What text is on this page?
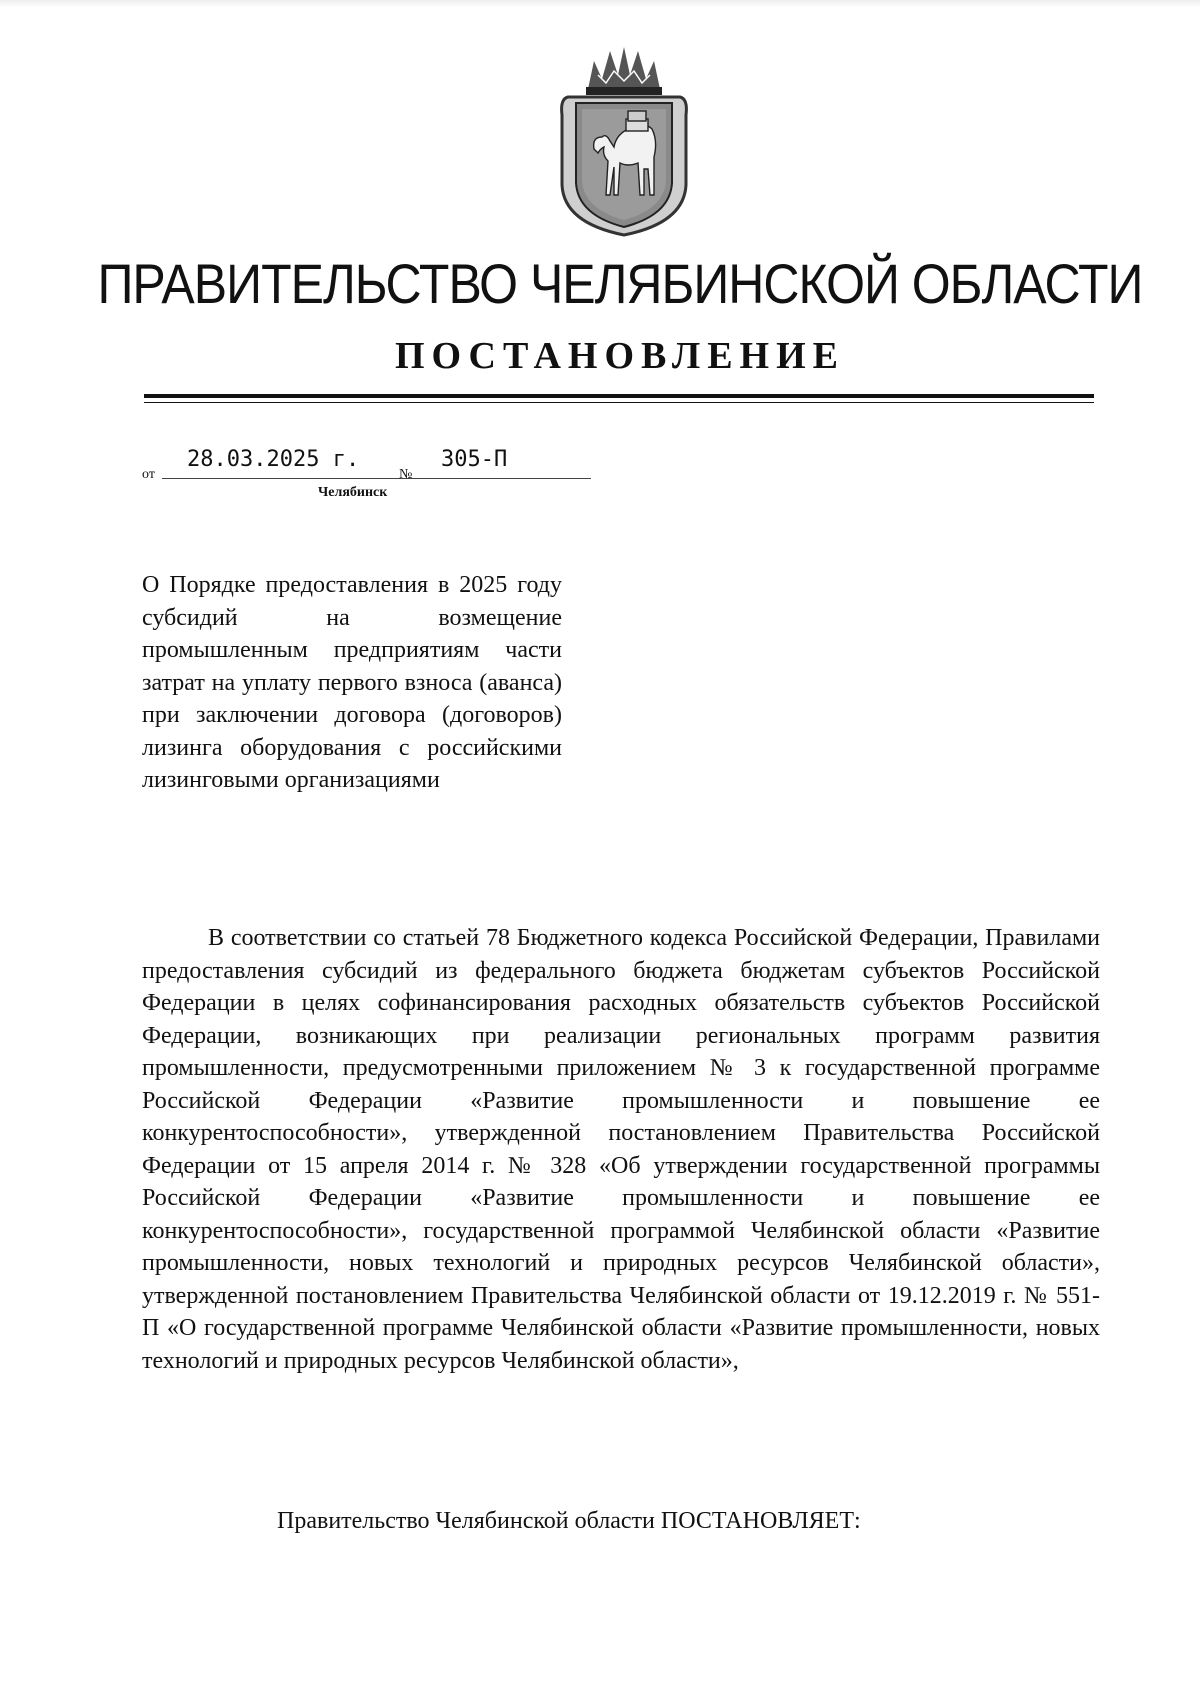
ПРАВИТЕЛЬСТВО ЧЕЛЯБИНСКОЙ ОБЛАСТИ
ПОСТАНОВЛЕНИЕ
от
28.03.2025 г.
№
305-П
Челябинск

О Порядке предоставления в 2025 году субсидий на возмещение промышленным предприятиям части затрат на уплату первого взноса (аванса) при заключении договора (договоров) лизинга оборудования с российскими лизинговыми организациями

В соответствии со статьей 78 Бюджетного кодекса Российской Федерации, Правилами предоставления субсидий из федерального бюджета бюджетам субъектов Российской Федерации в целях софинансирования расходных обязательств субъектов Российской Федерации, возникающих при реализации региональных программ развития промышленности, предусмотренными приложением № 3 к государственной программе Российской Федерации «Развитие промышленности и повышение ее конкурентоспособности», утвержденной постановлением Правительства Российской Федерации от 15 апреля 2014 г. № 328 «Об утверждении государственной программы Российской Федерации «Развитие промышленности и повышение ее конкурентоспособности», государственной программой Челябинской области «Развитие промышленности, новых технологий и природных ресурсов Челябинской области», утвержденной постановлением Правительства Челябинской области от 19.12.2019 г. № 551-П «О государственной программе Челябинской области «Развитие промышленности, новых технологий и природных ресурсов Челябинской области»,

Правительство Челябинской области ПОСТАНОВЛЯЕТ:
